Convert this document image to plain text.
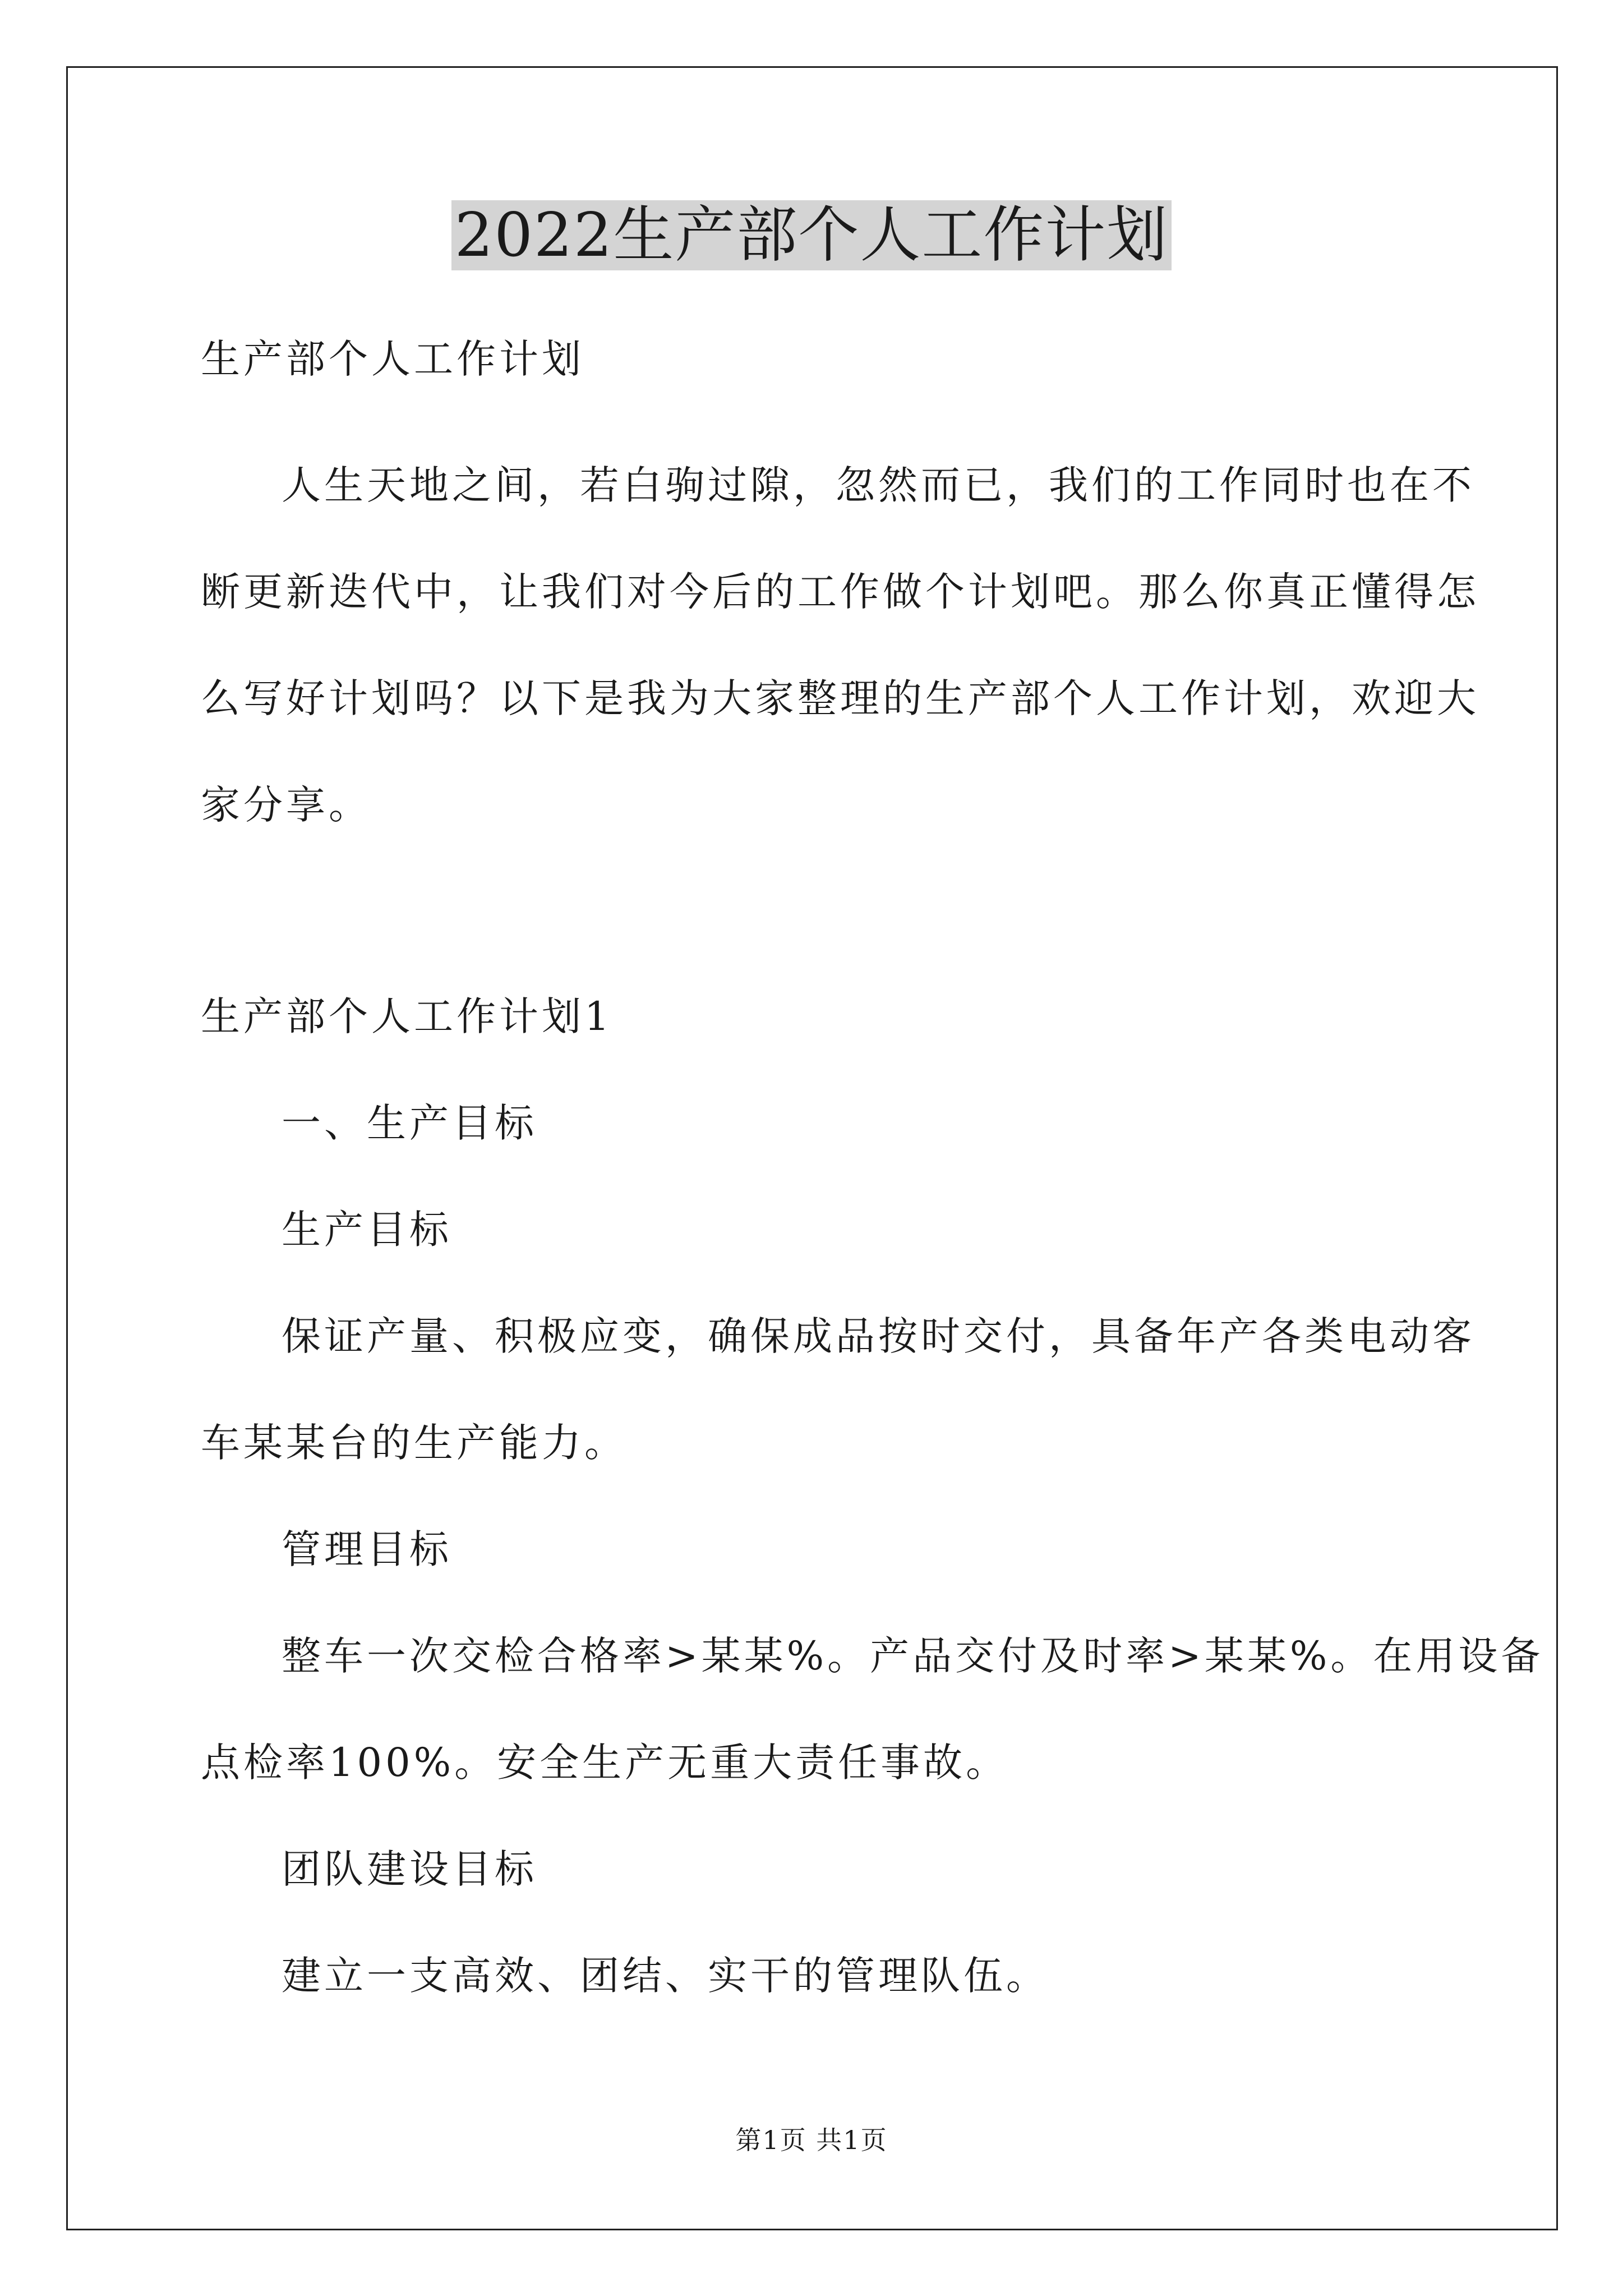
2022生产部个人工作计划
生产部个人工作计划
人生天地之间，若白驹过隙，忽然而已，我们的工作同时也在不
断更新迭代中，让我们对今后的工作做个计划吧。那么你真正懂得怎
么写好计划吗？以下是我为大家整理的生产部个人工作计划，欢迎大
家分享。
生产部个人工作计划1
一、生产目标
生产目标
保证产量、积极应变，确保成品按时交付，具备年产各类电动客
车某某台的生产能力。
管理目标
整车一次交检合格率>某某%。产品交付及时率>某某%。在用设备
点检率100%。安全生产无重大责任事故。
团队建设目标
建立一支高效、团结、实干的管理队伍。
第1页 共1页
